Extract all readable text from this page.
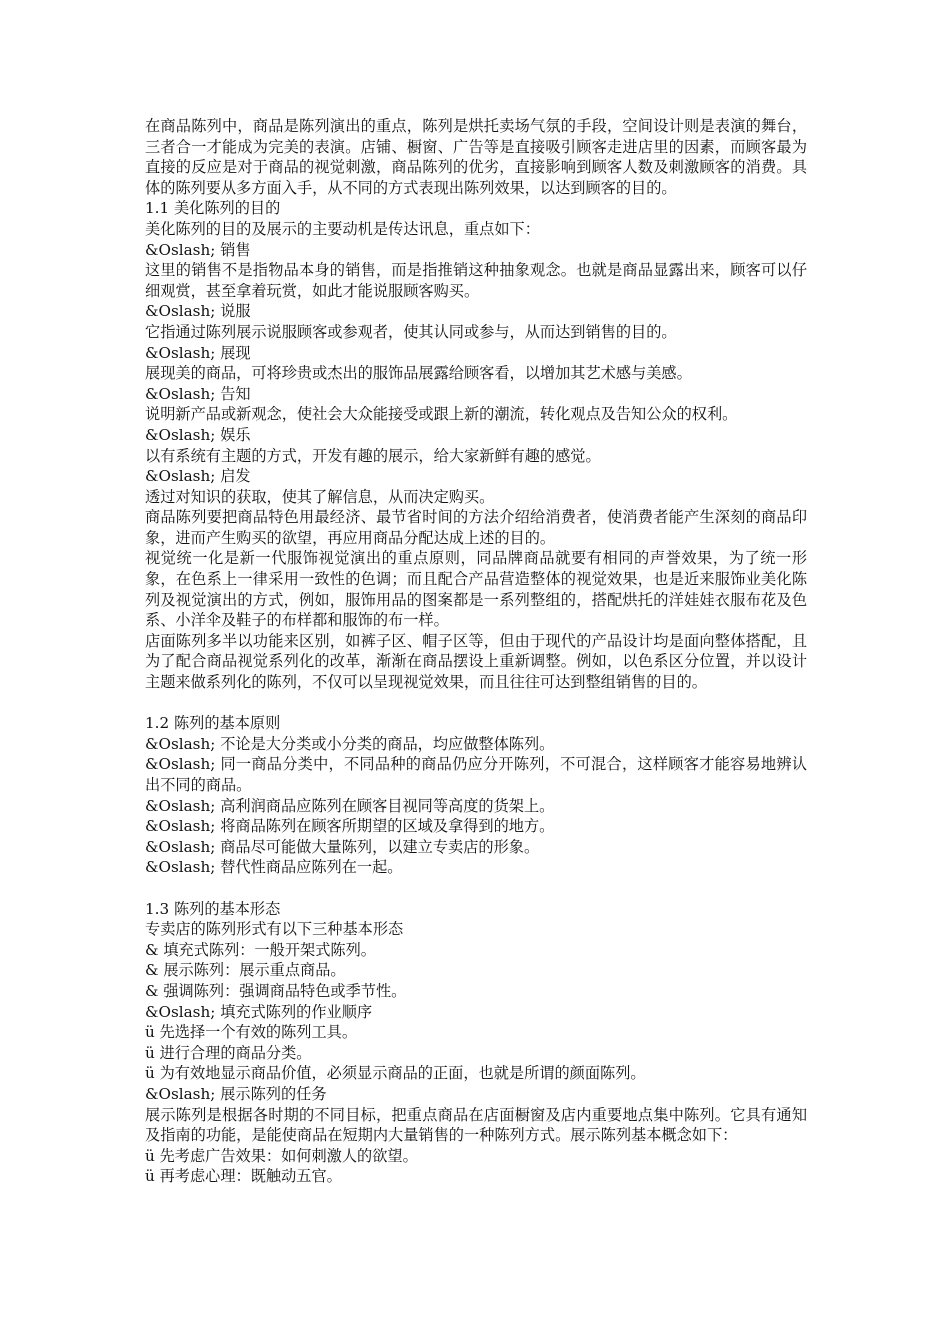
在商品陈列中，商品是陈列演出的重点，陈列是烘托卖场气氛的手段，空间设计则是表演的舞台，三者合一才能成为完美的表演。店铺、橱窗、广告等是直接吸引顾客走进店里的因素，而顾客最为直接的反应是对于商品的视觉刺激，商品陈列的优劣，直接影响到顾客人数及刺激顾客的消费。具体的陈列要从多方面入手，从不同的方式表现出陈列效果，以达到顾客的目的。

1.1 美化陈列的目的

美化陈列的目的及展示的主要动机是传达讯息，重点如下：

&Oslash; 销售

这里的销售不是指物品本身的销售，而是指推销这种抽象观念。也就是商品显露出来，顾客可以仔细观赏，甚至拿着玩赏，如此才能说服顾客购买。

&Oslash; 说服

它指通过陈列展示说服顾客或参观者，使其认同或参与，从而达到销售的目的。

&Oslash; 展现

展现美的商品，可将珍贵或杰出的服饰品展露给顾客看，以增加其艺术感与美感。

&Oslash; 告知

说明新产品或新观念，使社会大众能接受或跟上新的潮流，转化观点及告知公众的权利。

&Oslash; 娱乐

以有系统有主题的方式，开发有趣的展示，给大家新鲜有趣的感觉。

&Oslash; 启发

透过对知识的获取，使其了解信息，从而决定购买。

商品陈列要把商品特色用最经济、最节省时间的方法介绍给消费者，使消费者能产生深刻的商品印象，进而产生购买的欲望，再应用商品分配达成上述的目的。

视觉统一化是新一代服饰视觉演出的重点原则，同品牌商品就要有相同的声誉效果，为了统一形象，在色系上一律采用一致性的色调；而且配合产品营造整体的视觉效果，也是近来服饰业美化陈列及视觉演出的方式，例如，服饰用品的图案都是一系列整组的，搭配烘托的洋娃娃衣服布花及色系、小洋伞及鞋子的布样都和服饰的布一样。

店面陈列多半以功能来区别，如裤子区、帽子区等，但由于现代的产品设计均是面向整体搭配，且为了配合商品视觉系列化的改革，渐渐在商品摆设上重新调整。例如，以色系区分位置，并以设计主题来做系列化的陈列，不仅可以呈现视觉效果，而且往往可达到整组销售的目的。

1.2 陈列的基本原则

&Oslash; 不论是大分类或小分类的商品，均应做整体陈列。

&Oslash; 同一商品分类中，不同品种的商品仍应分开陈列，不可混合，这样顾客才能容易地辨认出不同的商品。

&Oslash; 高利润商品应陈列在顾客目视同等高度的货架上。

&Oslash; 将商品陈列在顾客所期望的区域及拿得到的地方。

&Oslash; 商品尽可能做大量陈列，以建立专卖店的形象。

&Oslash; 替代性商品应陈列在一起。

1.3 陈列的基本形态

专卖店的陈列形式有以下三种基本形态

& 填充式陈列：一般开架式陈列。

& 展示陈列：展示重点商品。

& 强调陈列：强调商品特色或季节性。

&Oslash; 填充式陈列的作业顺序

ü 先选择一个有效的陈列工具。

ü 进行合理的商品分类。

ü 为有效地显示商品价值，必须显示商品的正面，也就是所谓的颜面陈列。

&Oslash; 展示陈列的任务

展示陈列是根据各时期的不同目标，把重点商品在店面橱窗及店内重要地点集中陈列。它具有通知及指南的功能，是能使商品在短期内大量销售的一种陈列方式。展示陈列基本概念如下：

ü 先考虑广告效果：如何刺激人的欲望。

ü 再考虑心理：既触动五官。
